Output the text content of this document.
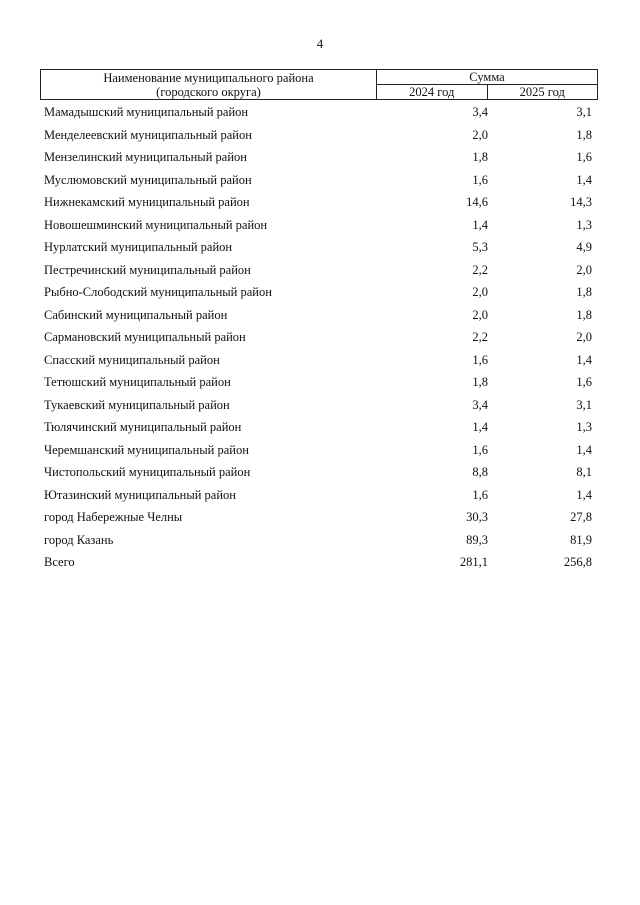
4
Наименование муниципального района
(городского округа)	Сумма	
	2024 год	2025 год
Мамадышский муниципальный район	3,4	3,1
Менделеевский муниципальный район	2,0	1,8
Мензелинский муниципальный район	1,8	1,6
Муслюмовский муниципальный район	1,6	1,4
Нижнекамский муниципальный район	14,6	14,3
Новошешминский муниципальный район	1,4	1,3
Нурлатский муниципальный район	5,3	4,9
Пестречинский муниципальный район	2,2	2,0
Рыбно-Слободский муниципальный район	2,0	1,8
Сабинский муниципальный район	2,0	1,8
Сармановский муниципальный район	2,2	2,0
Спасский муниципальный район	1,6	1,4
Тетюшский муниципальный район	1,8	1,6
Тукаевский муниципальный район	3,4	3,1
Тюлячинский муниципальный район	1,4	1,3
Черемшанский муниципальный район	1,6	1,4
Чистопольский муниципальный район	8,8	8,1
Ютазинский муниципальный район	1,6	1,4
город Набережные Челны	30,3	27,8
город Казань	89,3	81,9
Всего	281,1	256,8
